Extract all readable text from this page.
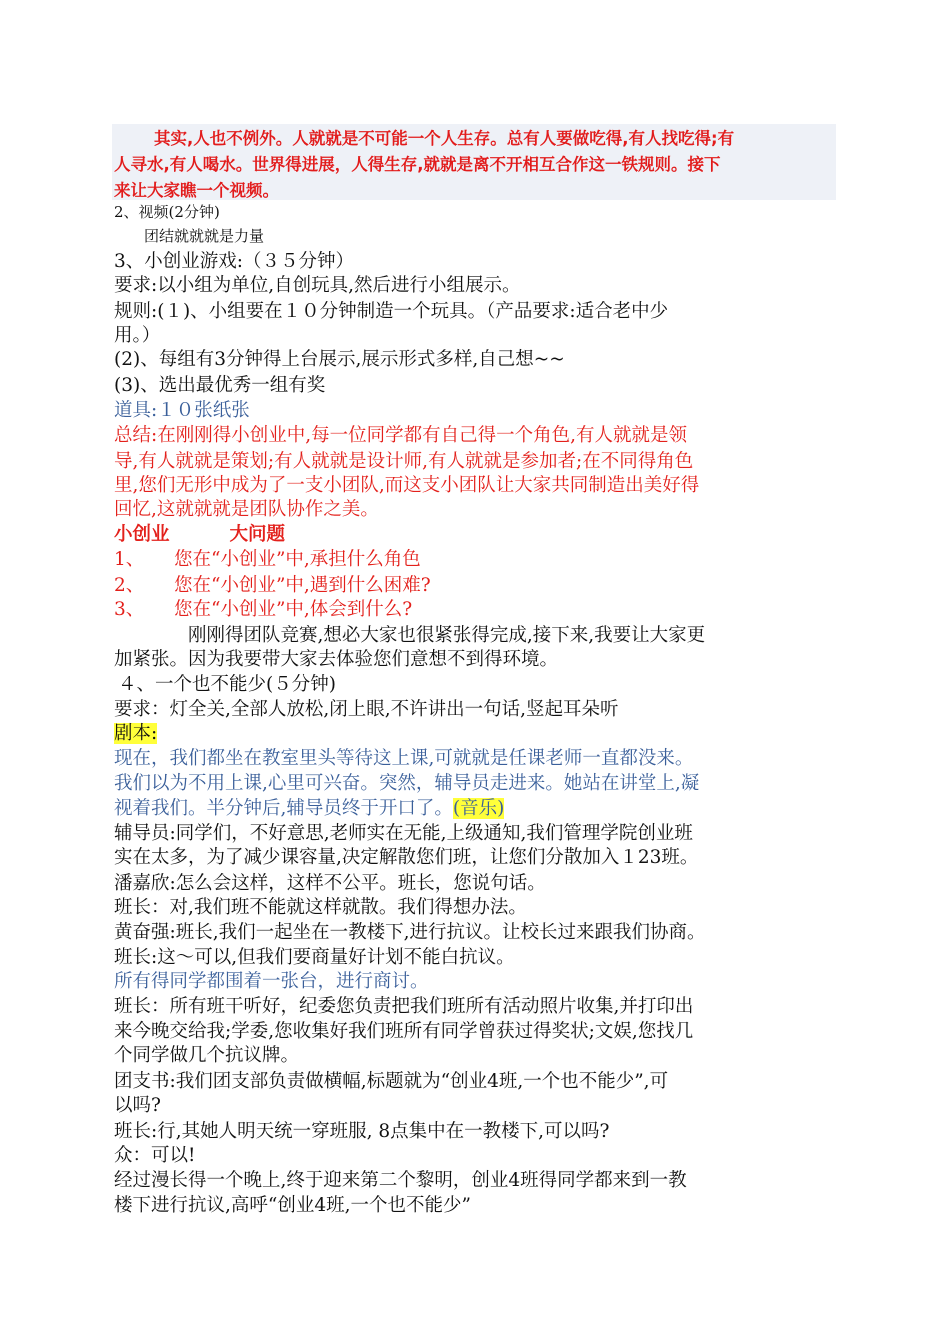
其实,人也不例外。人就就是不可能一个人生存。总有人要做吃得,有人找吃得;有

人寻水,有人喝水。世界得进展，人得生存,就就是离不开相互合作这一铁规则。接下

来让大家瞧一个视频。

2、视频(2分钟)

团结就就就是力量

3、小创业游戏:（３５分钟）

要求:以小组为单位,自创玩具,然后进行小组展示。

规则:(１)、小组要在１０分钟制造一个玩具。（产品要求:适合老中少

用。）

(2)、每组有3分钟得上台展示,展示形式多样,自己想~~

(3)、选出最优秀一组有奖

道具:１０张纸张

总结:在刚刚得小创业中,每一位同学都有自己得一个角色,有人就就是领

导,有人就就是策划;有人就就是设计师,有人就就是参加者;在不同得角色

里,您们无形中成为了一支小团队,而这支小团队让大家共同制造出美好得

回忆,这就就就是团队协作之美。

小创业	大问题

1、 您在“小创业”中,承担什么角色

2、 您在“小创业”中,遇到什么困难?

3、 您在“小创业”中,体会到什么?

刚刚得团队竞赛,想必大家也很紧张得完成,接下来,我要让大家更

加紧张。因为我要带大家去体验您们意想不到得环境。

４、一个也不能少(５分钟)

要求：灯全关,全部人放松,闭上眼,不许讲出一句话,竖起耳朵听

剧本:

现在，我们都坐在教室里头等待这上课,可就就是任课老师一直都没来。

我们以为不用上课,心里可兴奋。突然，辅导员走进来。她站在讲堂上,凝

视着我们。半分钟后,辅导员终于开口了。(音乐)

辅导员:同学们，不好意思,老师实在无能,上级通知,我们管理学院创业班

实在太多，为了减少课容量,决定解散您们班，让您们分散加入１23班。

潘嘉欣:怎么会这样，这样不公平。班长，您说句话。

班长：对,我们班不能就这样就散。我们得想办法。

黄奋强:班长,我们一起坐在一教楼下,进行抗议。让校长过来跟我们协商。

班长:这～可以,但我们要商量好计划不能白抗议。

所有得同学都围着一张台，进行商讨。

班长：所有班干听好，纪委您负责把我们班所有活动照片收集,并打印出

来今晚交给我;学委,您收集好我们班所有同学曾获过得奖状;文娱,您找几

个同学做几个抗议牌。

团支书:我们团支部负责做横幅,标题就为“创业4班,一个也不能少”,可

以吗?

班长:行,其她人明天统一穿班服, 8点集中在一教楼下,可以吗?

众：可以!

经过漫长得一个晚上,终于迎来第二个黎明，创业4班得同学都来到一教

楼下进行抗议,高呼“创业4班,一个也不能少”
